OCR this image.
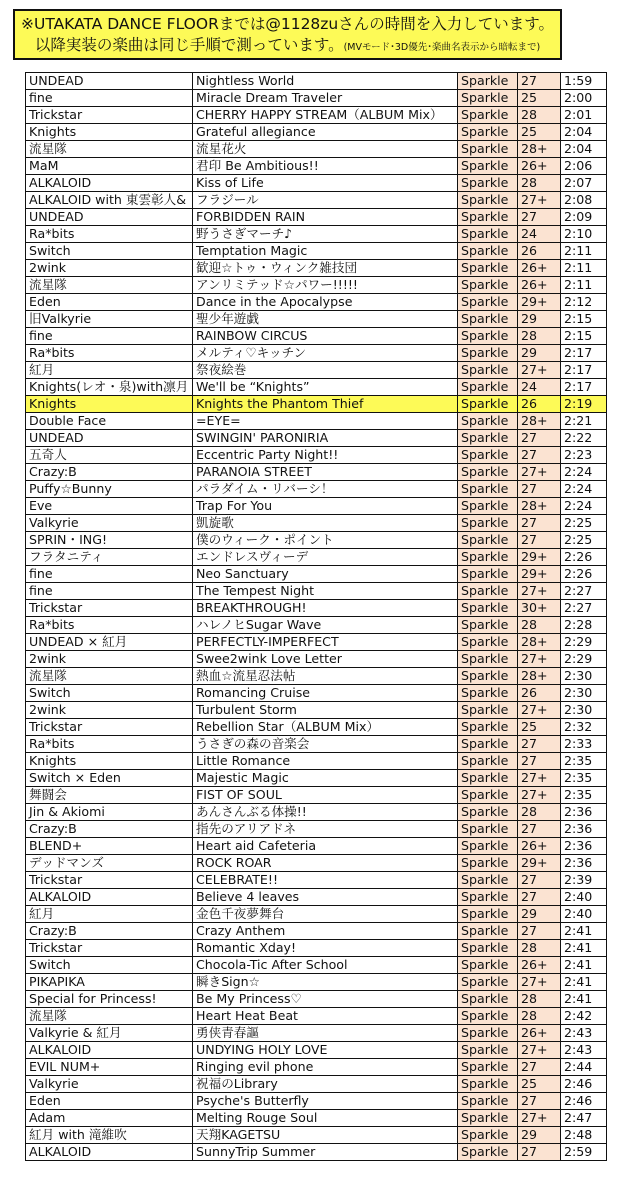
※UTAKATA DANCE FLOORまでは@1128zuさんの時間を入力しています。
以降実装の楽曲は同じ手順で測っています。(MVモード･3D優先･楽曲名表示から暗転まで)
UNDEAD	Nightless World	Sparkle	27	1:59
fine	Miracle Dream Traveler	Sparkle	25	2:00
Trickstar	CHERRY HAPPY STREAM（ALBUM Mix）	Sparkle	28	2:01
Knights	Grateful allegiance	Sparkle	25	2:04
流星隊	流星花火	Sparkle	28+	2:04
MaM	君印 Be Ambitious!!	Sparkle	26+	2:06
ALKALOID	Kiss of Life	Sparkle	28	2:07
ALKALOID with 東雲彰人&	フラジール	Sparkle	27+	2:08
UNDEAD	FORBIDDEN RAIN	Sparkle	27	2:09
Ra*bits	野うさぎマーチ♪	Sparkle	24	2:10
Switch	Temptation Magic	Sparkle	26	2:11
2wink	歓迎☆トゥ・ウィンク雑技団	Sparkle	26+	2:11
流星隊	アンリミテッド☆パワー!!!!!	Sparkle	26+	2:11
Eden	Dance in the Apocalypse	Sparkle	29+	2:12
旧Valkyrie	聖少年遊戯	Sparkle	29	2:15
fine	RAINBOW CIRCUS	Sparkle	28	2:15
Ra*bits	メルティ♡キッチン	Sparkle	29	2:17
紅月	祭夜絵巻	Sparkle	27+	2:17
Knights(レオ・泉)with凛月	We'll be “Knights”	Sparkle	24	2:17
Knights	Knights the Phantom Thief	Sparkle	26	2:19
Double Face	=EYE=	Sparkle	28+	2:21
UNDEAD	SWINGIN' PARONIRIA	Sparkle	27	2:22
五奇人	Eccentric Party Night!!	Sparkle	27	2:23
Crazy:B	PARANOIA STREET	Sparkle	27+	2:24
Puffy☆Bunny	パラダイム・リバーシ！	Sparkle	27	2:24
Eve	Trap For You	Sparkle	28+	2:24
Valkyrie	凱旋歌	Sparkle	27	2:25
SPRIN・ING!	僕のウィーク・ポイント	Sparkle	27	2:25
フラタニティ	エンドレスヴィーデ	Sparkle	29+	2:26
fine	Neo Sanctuary	Sparkle	29+	2:26
fine	The Tempest Night	Sparkle	27+	2:27
Trickstar	BREAKTHROUGH!	Sparkle	30+	2:27
Ra*bits	ハレノヒSugar Wave	Sparkle	28	2:28
UNDEAD × 紅月	PERFECTLY-IMPERFECT	Sparkle	28+	2:29
2wink	Swee2wink Love Letter	Sparkle	27+	2:29
流星隊	熱血☆流星忍法帖	Sparkle	28+	2:30
Switch	Romancing Cruise	Sparkle	26	2:30
2wink	Turbulent Storm	Sparkle	27+	2:30
Trickstar	Rebellion Star（ALBUM Mix）	Sparkle	25	2:32
Ra*bits	うさぎの森の音楽会	Sparkle	27	2:33
Knights	Little Romance	Sparkle	27	2:35
Switch × Eden	Majestic Magic	Sparkle	27+	2:35
舞闘会	FIST OF SOUL	Sparkle	27+	2:35
Jin & Akiomi	あんさんぶる体操!!	Sparkle	28	2:36
Crazy:B	指先のアリアドネ	Sparkle	27	2:36
BLEND+	Heart aid Cafeteria	Sparkle	26+	2:36
デッドマンズ	ROCK ROAR	Sparkle	29+	2:36
Trickstar	CELEBRATE!!	Sparkle	27	2:39
ALKALOID	Believe 4 leaves	Sparkle	27	2:40
紅月	金色千夜夢舞台	Sparkle	29	2:40
Crazy:B	Crazy Anthem	Sparkle	27	2:41
Trickstar	Romantic Xday!	Sparkle	28	2:41
Switch	Chocola-Tic After School	Sparkle	26+	2:41
PIKAPIKA	瞬きSign☆	Sparkle	27+	2:41
Special for Princess!	Be My Princess♡	Sparkle	28	2:41
流星隊	Heart Heat Beat	Sparkle	28	2:42
Valkyrie & 紅月	勇侠青春謳	Sparkle	26+	2:43
ALKALOID	UNDYING HOLY LOVE	Sparkle	27+	2:43
EVIL NUM+	Ringing evil phone	Sparkle	27	2:44
Valkyrie	祝福のLibrary	Sparkle	25	2:46
Eden	Psyche's Butterfly	Sparkle	27	2:46
Adam	Melting Rouge Soul	Sparkle	27+	2:47
紅月 with 滝維吹	天翔KAGETSU	Sparkle	29	2:48
ALKALOID	SunnyTrip Summer	Sparkle	27	2:59
